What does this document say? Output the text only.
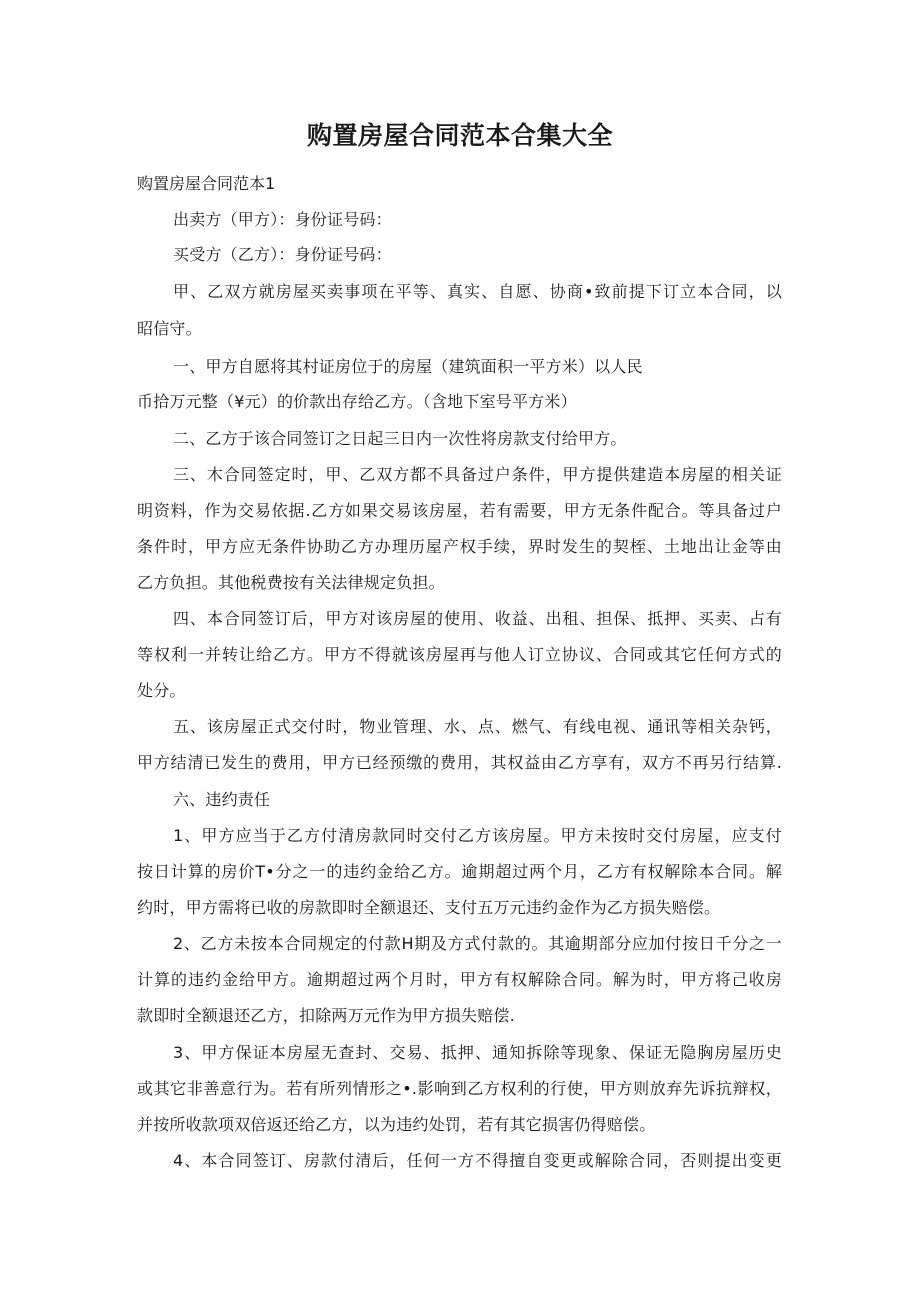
购置房屋合同范本合集大全

购置房屋合同范本1

出卖方（甲方）：身份证号码：

买受方（乙方）：身份证号码：

甲、乙双方就房屋买卖事项在平等、真实、自愿、协商•致前提下订立本合同，以

昭信守。

一、甲方自愿将其村证房位于的房屋（建筑面积一平方米）以人民

币拾万元整（¥元）的价款出存给乙方。（含地下室号平方米）

二、乙方于该合同签订之日起三日内一次性将房款支付给甲方。

三、木合同签定时，甲、乙双方都不具备过户条件，甲方提供建造本房屋的相关证

明资料，作为交易依据.乙方如果交易该房屋，若有需要，甲方无条件配合。等具备过户

条件时，甲方应无条件协助乙方办理历屋产权手续，界时发生的契桎、土地出让金等由

乙方负担。其他税费按有关法律规定负担。

四、本合同签订后，甲方对该房屋的使用、收益、出租、担保、抵押、买卖、占有

等权利一并转让给乙方。甲方不得就该房屋再与他人订立协议、合同或其它任何方式的

处分。

五、该房屋正式交付时，物业管理、水、点、燃气、有线电视、通讯等相关杂钙，

甲方结清已发生的费用，甲方已经预缴的费用，其权益由乙方享有，双方不再另行结算.

六、违约责任

1、甲方应当于乙方付清房款同时交付乙方该房屋。甲方未按时交付房屋，应支付

按日计算的房价T•分之一的违约金给乙方。逾期超过两个月，乙方有权解除本合同。解

约时，甲方需将已收的房款即时全额退还、支付五万元违约金作为乙方损失赔偿。

2、乙方未按本合同规定的付款H期及方式付款的。其逾期部分应加付按日千分之一

计算的违约金给甲方。逾期超过两个月时，甲方有权解除合同。解为时，甲方将己收房

款即时全额退还乙方，扣除两万元作为甲方损失赔偿.

3、甲方保证本房屋无查封、交易、抵押、通知拆除等现象、保证无隐胸房屋历史

或其它非善意行为。若有所列情形之•.影响到乙方权利的行使，甲方则放弃先诉抗辩权，

并按所收款项双倍返还给乙方，以为违约处罚，若有其它损害仍得赔偿。

4、本合同签订、房款付清后，任何一方不得擅自变更或解除合同，否则提出变更
